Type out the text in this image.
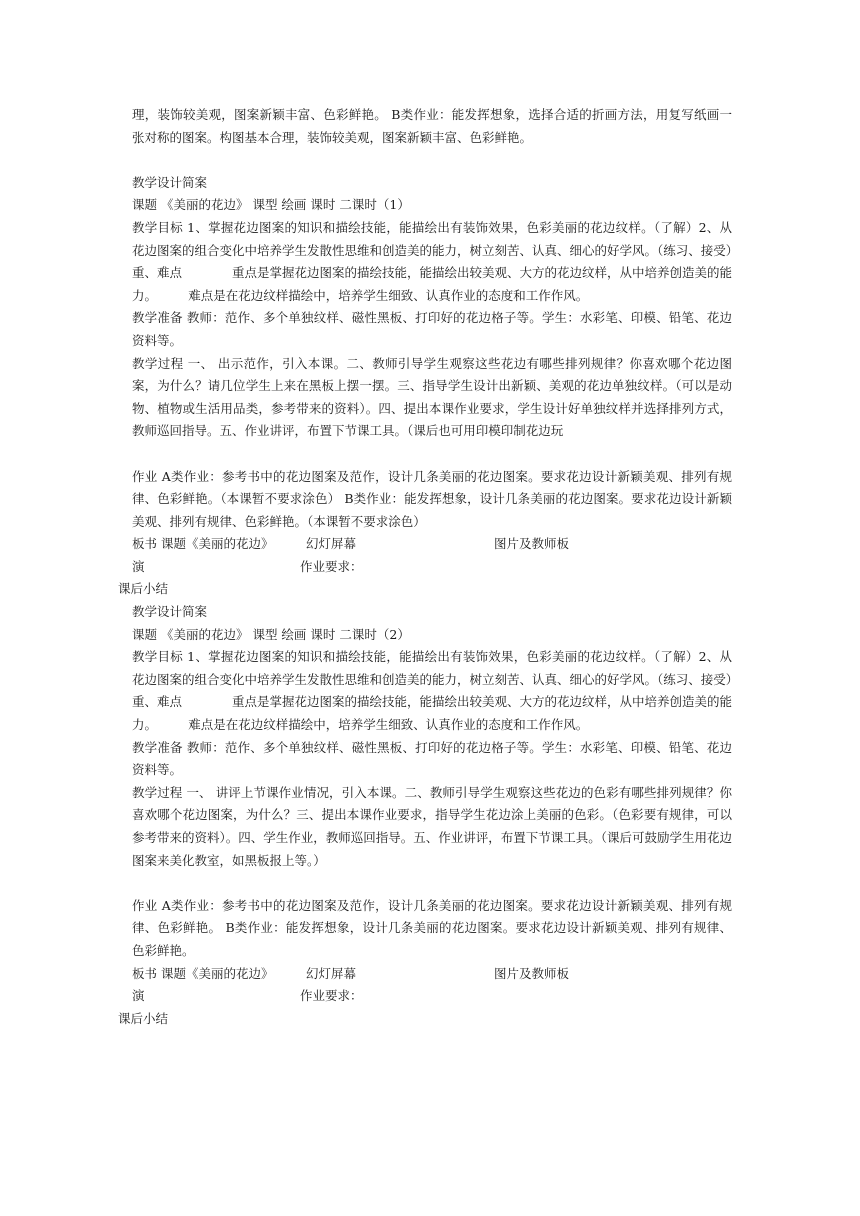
理，装饰较美观，图案新颖丰富、色彩鲜艳。 B类作业：能发挥想象，选择合适的折画方法，用复写纸画一张对称的图案。构图基本合理，装饰较美观，图案新颖丰富、色彩鲜艳。

教学设计简案

课题 《美丽的花边》 课型 绘画 课时 二课时（1）

教学目标 1、掌握花边图案的知识和描绘技能，能描绘出有装饰效果，色彩美丽的花边纹样。（了解）2、从花边图案的组合变化中培养学生发散性思维和创造美的能力，树立刻苦、认真、细心的好学风。（练习、接受）

重、难点　　　　重点是掌握花边图案的描绘技能，能描绘出较美观、大方的花边纹样，从中培养创造美的能力。　　　难点是在花边纹样描绘中，培养学生细致、认真作业的态度和工作作风。

教学准备 教师：范作、多个单独纹样、磁性黑板、打印好的花边格子等。学生：水彩笔、印模、铅笔、花边资料等。

教学过程 一、 出示范作，引入本课。二、教师引导学生观察这些花边有哪些排列规律？你喜欢哪个花边图案，为什么？请几位学生上来在黑板上摆一摆。三、指导学生设计出新颖、美观的花边单独纹样。（可以是动物、植物或生活用品类，参考带来的资料）。四、提出本课作业要求，学生设计好单独纹样并选择排列方式，教师巡回指导。五、作业讲评，布置下节课工具。（课后也可用印模印制花边玩

作业 A类作业：参考书中的花边图案及范作，设计几条美丽的花边图案。要求花边设计新颖美观、排列有规律、色彩鲜艳。（本课暂不要求涂色） B类作业：能发挥想象，设计几条美丽的花边图案。要求花边设计新颖美观、排列有规律、色彩鲜艳。（本课暂不要求涂色）

板书 课题《美丽的花边》	幻灯屏幕	图片及教师板
演	作业要求：

课后小结

教学设计简案

课题 《美丽的花边》 课型 绘画 课时 二课时（2）

教学目标 1、掌握花边图案的知识和描绘技能，能描绘出有装饰效果，色彩美丽的花边纹样。（了解）2、从花边图案的组合变化中培养学生发散性思维和创造美的能力，树立刻苦、认真、细心的好学风。（练习、接受）

重、难点　　　　重点是掌握花边图案的描绘技能，能描绘出较美观、大方的花边纹样，从中培养创造美的能力。　　　难点是在花边纹样描绘中，培养学生细致、认真作业的态度和工作作风。

教学准备 教师：范作、多个单独纹样、磁性黑板、打印好的花边格子等。学生：水彩笔、印模、铅笔、花边资料等。

教学过程 一、 讲评上节课作业情况，引入本课。二、教师引导学生观察这些花边的色彩有哪些排列规律？你喜欢哪个花边图案，为什么？三、提出本课作业要求，指导学生花边涂上美丽的色彩。（色彩要有规律，可以参考带来的资料）。四、学生作业，教师巡回指导。五、作业讲评，布置下节课工具。（课后可鼓励学生用花边图案来美化教室，如黑板报上等。）

作业 A类作业：参考书中的花边图案及范作，设计几条美丽的花边图案。要求花边设计新颖美观、排列有规律、色彩鲜艳。 B类作业：能发挥想象，设计几条美丽的花边图案。要求花边设计新颖美观、排列有规律、色彩鲜艳。

板书 课题《美丽的花边》	幻灯屏幕	图片及教师板
演	作业要求：

课后小结
